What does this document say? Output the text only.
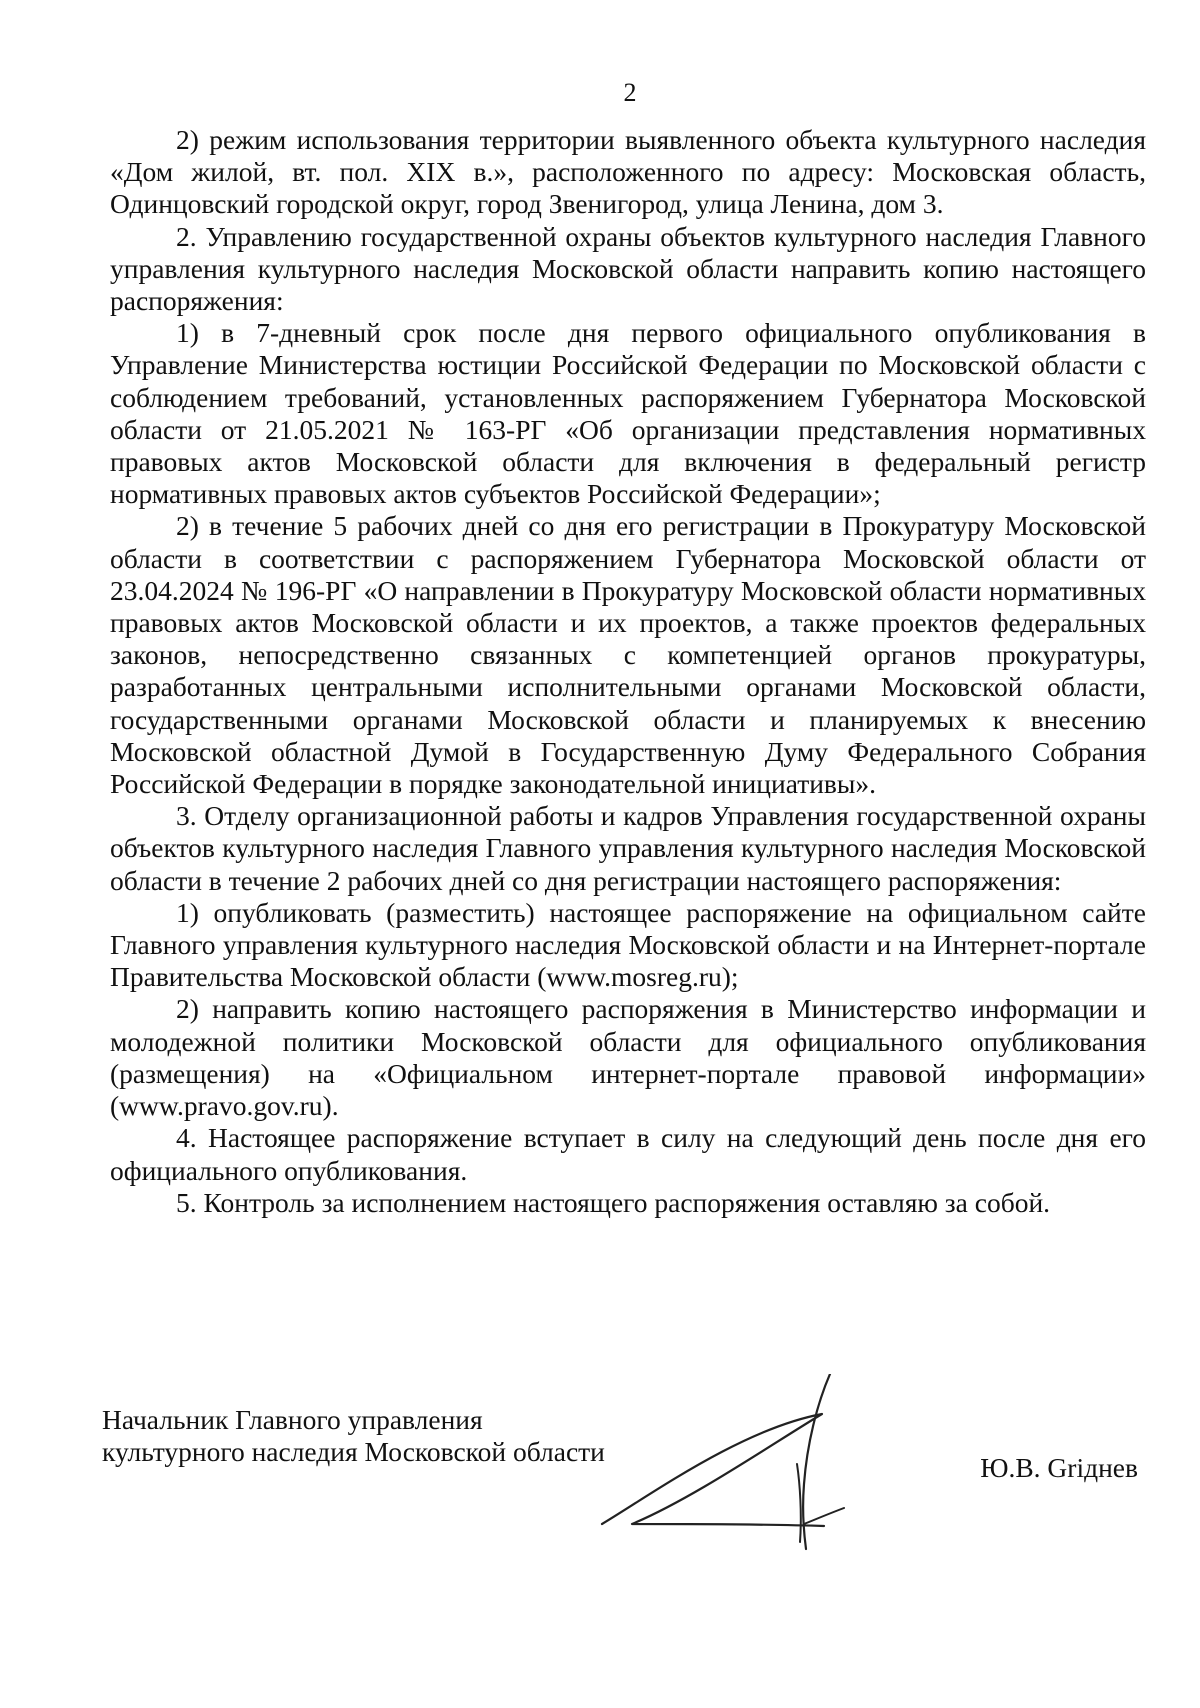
2

2) режим использования территории выявленного объекта культурного наследия «Дом жилой, вт. пол. XIX в.», расположенного по адресу: Московская область, Одинцовский городской округ, город Звенигород, улица Ленина, дом 3.

2. Управлению государственной охраны объектов культурного наследия Главного управления культурного наследия Московской области направить копию настоящего распоряжения:

1) в 7-дневный срок после дня первого официального опубликования в Управление Министерства юстиции Российской Федерации по Московской области с соблюдением требований, установленных распоряжением Губернатора Московской области от 21.05.2021 № 163-РГ «Об организации представления нормативных правовых актов Московской области для включения в федеральный регистр нормативных правовых актов субъектов Российской Федерации»;

2) в течение 5 рабочих дней со дня его регистрации в Прокуратуру Московской области в соответствии с распоряжением Губернатора Московской области от 23.04.2024 № 196-РГ «О направлении в Прокуратуру Московской области нормативных правовых актов Московской области и их проектов, а также проектов федеральных законов, непосредственно связанных с компетенцией органов прокуратуры, разработанных центральными исполнительными органами Московской области, государственными органами Московской области и планируемых к внесению Московской областной Думой в Государственную Думу Федерального Собрания Российской Федерации в порядке законодательной инициативы».

3. Отделу организационной работы и кадров Управления государственной охраны объектов культурного наследия Главного управления культурного наследия Московской области в течение 2 рабочих дней со дня регистрации настоящего распоряжения:

1) опубликовать (разместить) настоящее распоряжение на официальном сайте Главного управления культурного наследия Московской области и на Интернет-портале Правительства Московской области (www.mosreg.ru);

2) направить копию настоящего распоряжения в Министерство информации и молодежной политики Московской области для официального опубликования (размещения) на «Официальном интернет-портале правовой информации» (www.pravo.gov.ru).

4. Настоящее распоряжение вступает в силу на следующий день после дня его официального опубликования.

5. Контроль за исполнением настоящего распоряжения оставляю за собой.

Начальник Главного управления
культурного наследия Московской области
Ю.В. Griднев
